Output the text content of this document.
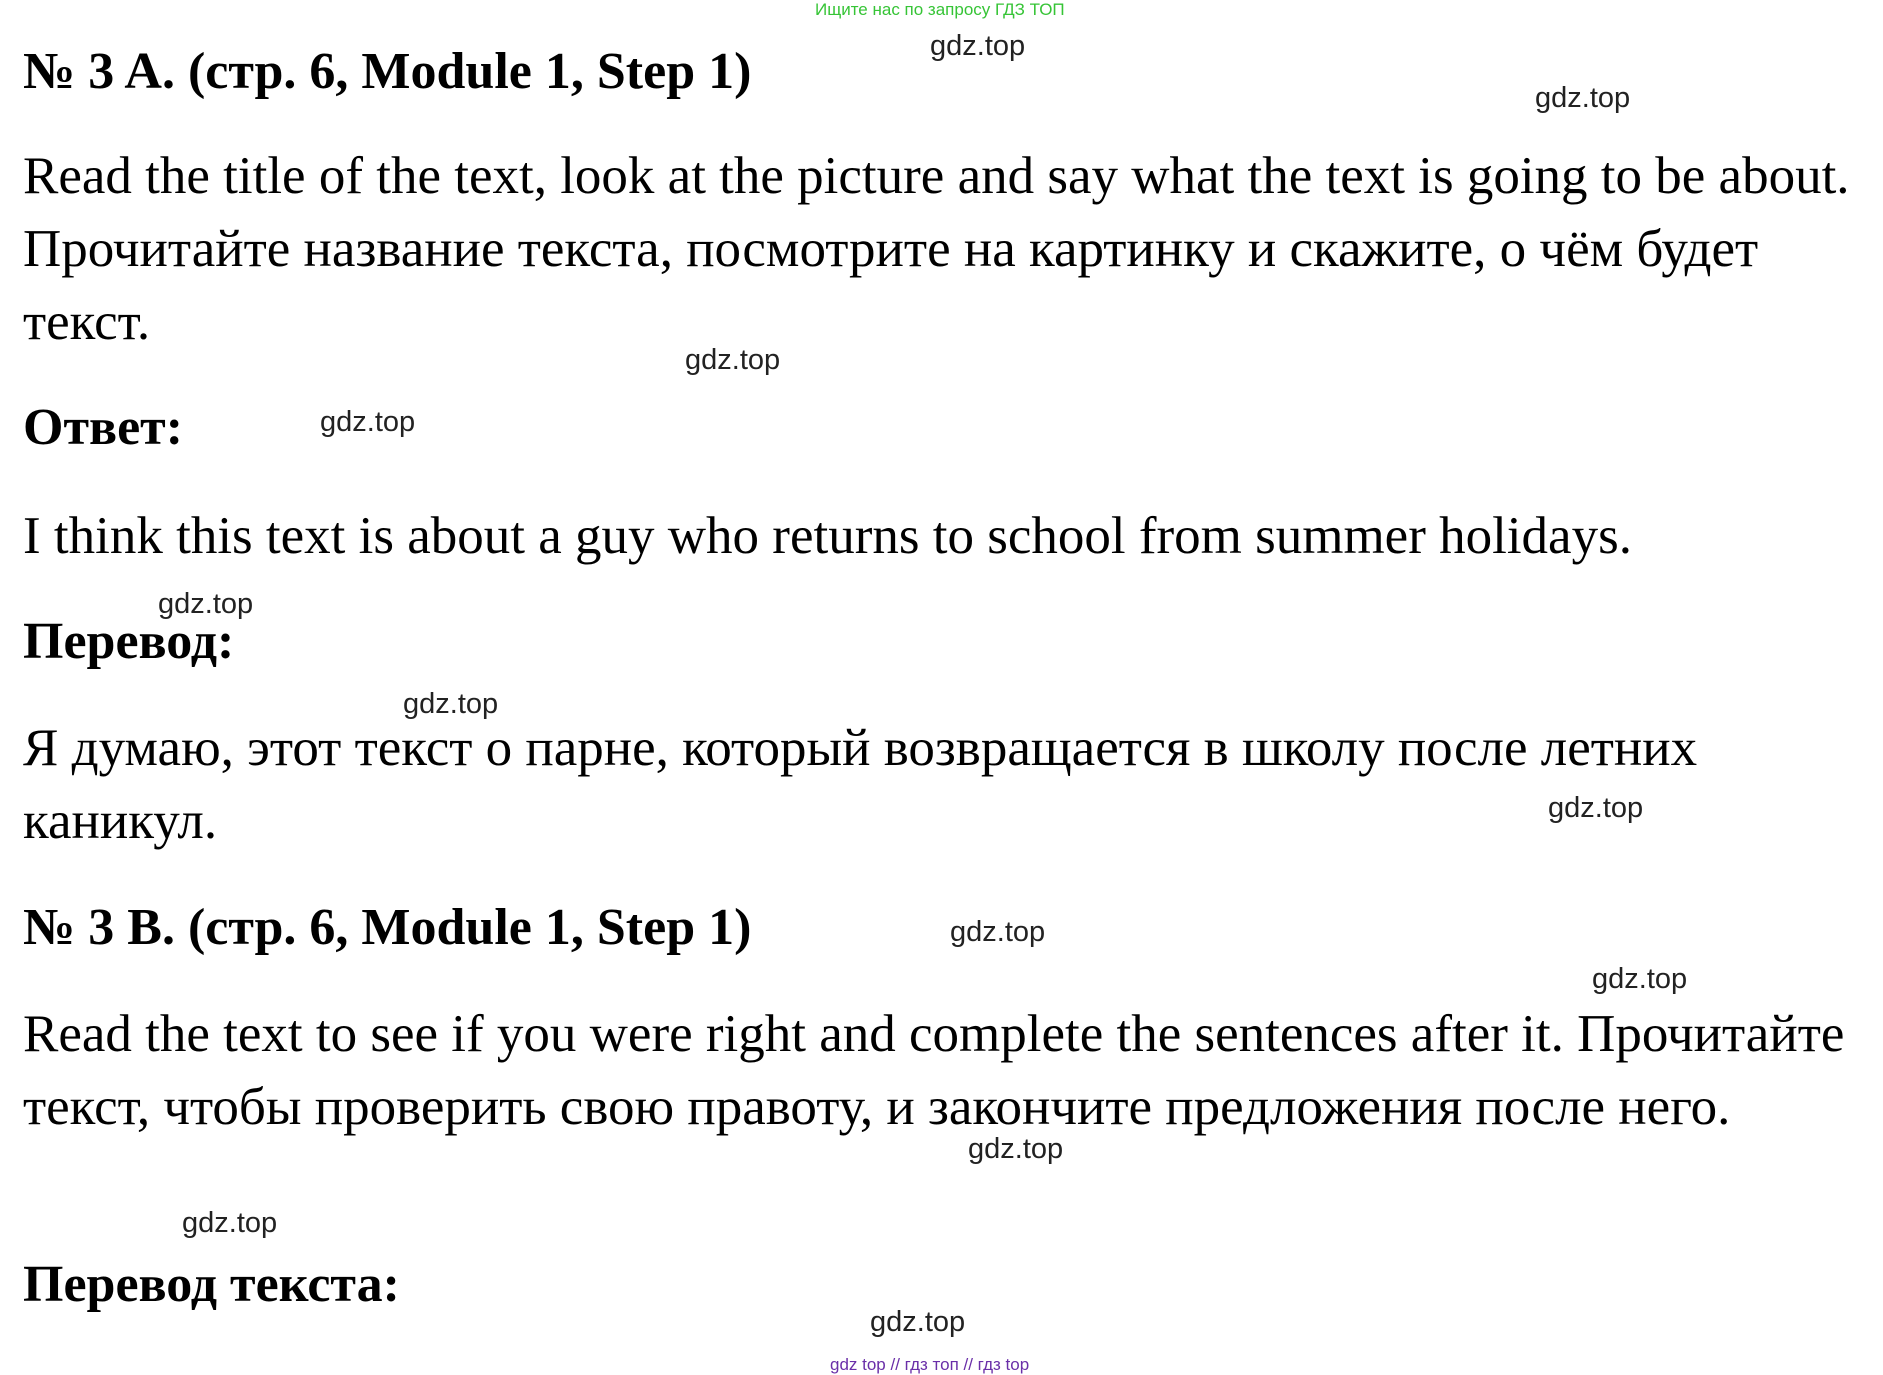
Ищите нас по запросу ГДЗ ТОП
№ 3 A. (стр. 6, Module 1, Step 1)
Read the title of the text, look at the picture and say what the text is going to be about. Прочитайте название текста, посмотрите на картинку и скажите, о чём будет текст.
Ответ:
I think this text is about a guy who returns to school from summer holidays.
Перевод:
Я думаю, этот текст о парне, который возвращается в школу после летних каникул.
№ 3 B. (стр. 6, Module 1, Step 1)
Read the text to see if you were right and complete the sentences after it. Прочитайте текст, чтобы проверить свою правоту, и закончите предложения после него.
Перевод текста:
gdz.top
gdz.top
gdz.top
gdz.top
gdz.top
gdz.top
gdz.top
gdz.top
gdz.top
gdz.top
gdz.top
gdz.top
gdz top // гдз топ // гдз top
